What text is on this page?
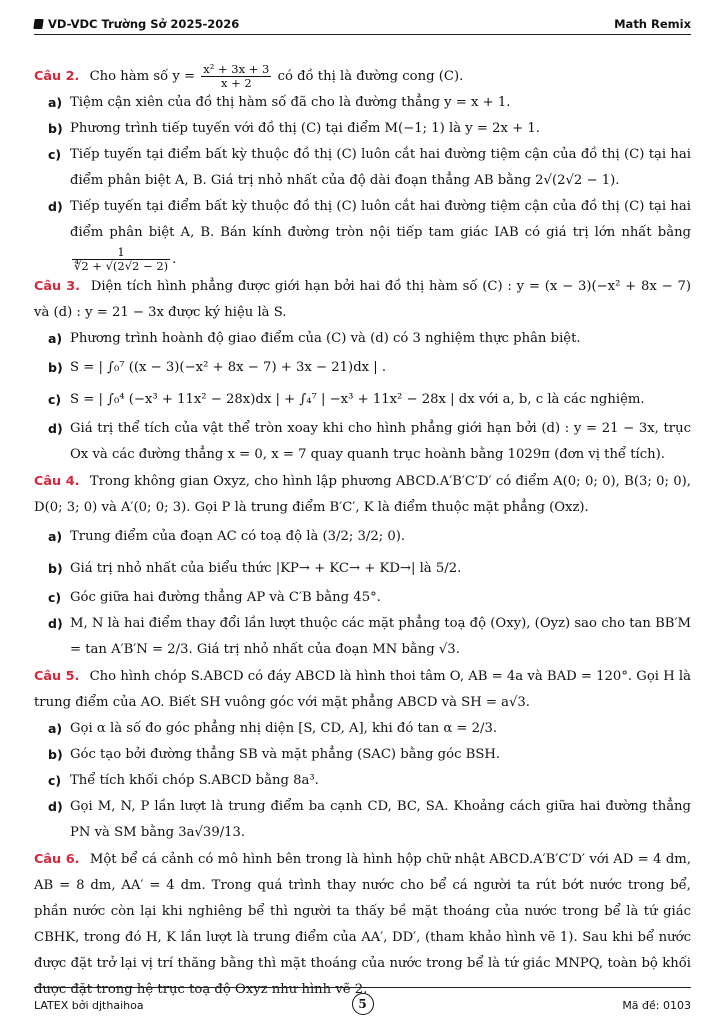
VD-VDC Trường Sở 2025-2026	Math Remix
Câu 2. Cho hàm số $y = \frac{\text{x² + 3x + 3}}{x + 2}$ có đồ thị là đường cong (C).
a) Tiệm cận xiên của đồ thị hàm số đã cho là đường thẳng y = x + 1.
b) Phương trình tiếp tuyến với đồ thị (C) tại điểm M(−1; 1) là y = 2x + 1.
c) Tiếp tuyến tại điểm bất kỳ thuộc đồ thị (C) luôn cắt hai đường tiệm cận của đồ thị (C) tại hai điểm phân biệt A, B. Giá trị nhỏ nhất của độ dài đoạn thẳng AB bằng 2√(2√2 − 1).
d) Tiếp tuyến tại điểm bất kỳ thuộc đồ thị (C) luôn cắt hai đường tiệm cận của đồ thị (C) tại hai điểm phân biệt A, B. Bán kính đường tròn nội tiếp tam giác IAB có giá trị lớn nhất bằng
$\frac{1}{∜2 + √(2√2 - 2)}$ .
Câu 3. Diện tích hình phẳng được giới hạn bởi hai đồ thị hàm số (C) : y = (x − 3)(−x² + 8x − 7) và (d) : y = 21 − 3x được ký hiệu là S.
a) Phương trình hoành độ giao điểm của (C) và (d) có 3 nghiệm thực phân biệt.
b) S = | ∫₀⁷ ((x − 3)(−x² + 8x − 7) + 3x − 21)dx | .
c) S = | ∫₀⁴ (−x³ + 11x² − 28x)dx | + ∫₄⁷ | −x³ + 11x² − 28x | dx với a, b, c là các nghiệm.
d) Giá trị thể tích của vật thể tròn xoay khi cho hình phẳng giới hạn bởi (d) : y = 21 − 3x, trục Ox và các đường thẳng x = 0, x = 7 quay quanh trục hoành bằng 1029π (đơn vị thể tích).
Câu 4. Trong không gian Oxyz, cho hình lập phương ABCD.A′B′C′D′ có điểm A(0; 0; 0), B(3; 0; 0), D(0; 3; 0) và A′(0; 0; 3). Gọi P là trung điểm B′C′, K là điểm thuộc mặt phẳng (Oxz).
a) Trung điểm của đoạn AC có toạ độ là (3/2; 3/2; 0).
b) Giá trị nhỏ nhất của biểu thức |KP→ + KC→ + KD→| là 5/2.
c) Góc giữa hai đường thẳng AP và C′B bằng 45°.
d) M, N là hai điểm thay đổi lần lượt thuộc các mặt phẳng toạ độ (Oxy), (Oyz) sao cho tan BB′M = tan A′B′N = 2/3. Giá trị nhỏ nhất của đoạn MN bằng √3.
Câu 5. Cho hình chóp S.ABCD có đáy ABCD là hình thoi tâm O, AB = 4a và BAD = 120°. Gọi H là trung điểm của AO. Biết SH vuông góc với mặt phẳng ABCD và SH = a√3.
a) Gọi α là số đo góc phẳng nhị diện [S, CD, A], khi đó tan α = 2/3.
b) Góc tạo bởi đường thẳng SB và mặt phẳng (SAC) bằng góc BSH.
c) Thể tích khối chóp S.ABCD bằng 8a³.
d) Gọi M, N, P lần lượt là trung điểm ba cạnh CD, BC, SA. Khoảng cách giữa hai đường thẳng PN và SM bằng 3a√39/13.
Câu 6. Một bể cá cảnh có mô hình bên trong là hình hộp chữ nhật ABCD.A′B′C′D′ với AD = 4 dm, AB = 8 dm, AA′ = 4 dm. Trong quá trình thay nước cho bể cá người ta rút bớt nước trong bể, phần nước còn lại khi nghiêng bể thì người ta thấy bề mặt thoáng của nước trong bể là tứ giác CBHK, trong đó H, K lần lượt là trung điểm của AA′, DD′, (tham khảo hình vẽ 1). Sau khi bể nước được đặt trở lại vị trí thăng bằng thì mặt thoáng của nước trong bể là tứ giác MNPQ, toàn bộ khối được đặt trong hệ trục toạ độ Oxyz như hình vẽ 2.
LATEX bởi djthaihoa	5	Mã đề: 0103
